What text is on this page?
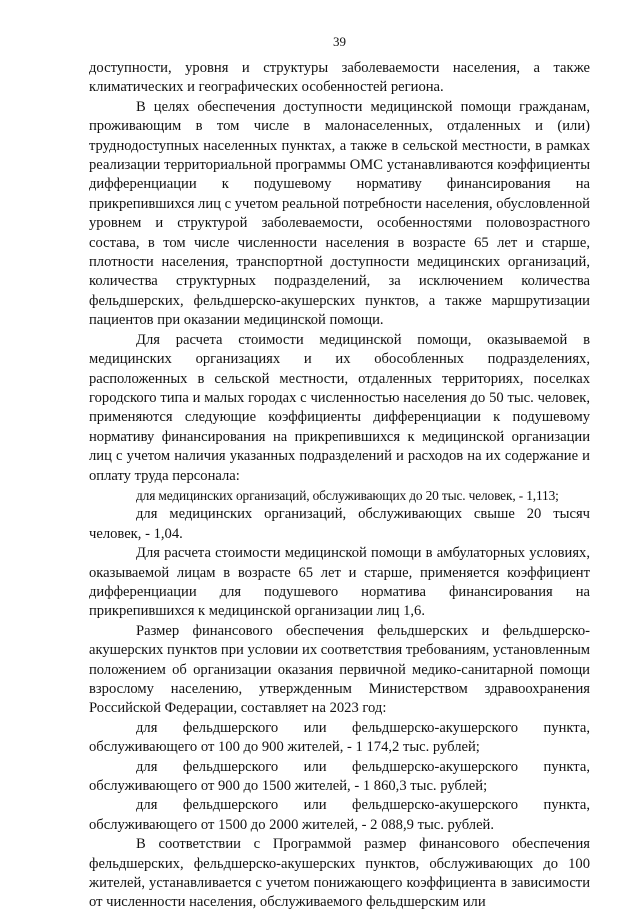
39

доступности, уровня и структуры заболеваемости населения, а также климатических и географических особенностей региона.

В целях обеспечения доступности медицинской помощи гражданам, проживающим в том числе в малонаселенных, отдаленных и (или) труднодоступных населенных пунктах, а также в сельской местности, в рамках реализации территориальной программы ОМС устанавливаются коэффициенты дифференциации к подушевому нормативу финансирования на прикрепившихся лиц с учетом реальной потребности населения, обусловленной уровнем и структурой заболеваемости, особенностями половозрастного состава, в том числе численности населения в возрасте 65 лет и старше, плотности населения, транспортной доступности медицинских организаций, количества структурных подразделений, за исключением количества фельдшерских, фельдшерско-акушерских пунктов, а также маршрутизации пациентов при оказании медицинской помощи.

Для расчета стоимости медицинской помощи, оказываемой в медицинских организациях и их обособленных подразделениях, расположенных в сельской местности, отдаленных территориях, поселках городского типа и малых городах с численностью населения до 50 тыс. человек, применяются следующие коэффициенты дифференциации к подушевому нормативу финансирования на прикрепившихся к медицинской организации лиц с учетом наличия указанных подразделений и расходов на их содержание и оплату труда персонала:

для медицинских организаций, обслуживающих до 20 тыс. человек, - 1,113;

для медицинских организаций, обслуживающих свыше 20 тысяч человек, - 1,04.

Для расчета стоимости медицинской помощи в амбулаторных условиях, оказываемой лицам в возрасте 65 лет и старше, применяется коэффициент дифференциации для подушевого норматива финансирования на прикрепившихся к медицинской организации лиц 1,6.

Размер финансового обеспечения фельдшерских и фельдшерско-акушерских пунктов при условии их соответствия требованиям, установленным положением об организации оказания первичной медико-санитарной помощи взрослому населению, утвержденным Министерством здравоохранения Российской Федерации, составляет на 2023 год:

для фельдшерского или фельдшерско-акушерского пункта, обслуживающего от 100 до 900 жителей, - 1 174,2 тыс. рублей;

для фельдшерского или фельдшерско-акушерского пункта, обслуживающего от 900 до 1500 жителей, - 1 860,3 тыс. рублей;

для фельдшерского или фельдшерско-акушерского пункта, обслуживающего от 1500 до 2000 жителей, - 2 088,9 тыс. рублей.

В соответствии с Программой размер финансового обеспечения фельдшерских, фельдшерско-акушерских пунктов, обслуживающих до 100 жителей, устанавливается с учетом понижающего коэффициента в зависимости от численности населения, обслуживаемого фельдшерским или
